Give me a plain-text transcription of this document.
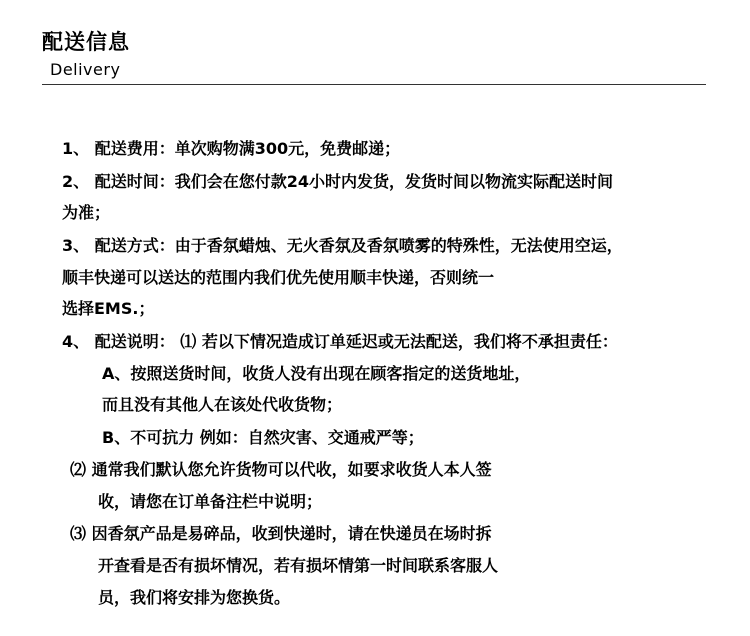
配送信息
Delivery
1、 配送费用：单次购物满300元，免费邮递；
2、 配送时间：我们会在您付款24小时内发货，发货时间以物流实际配送时间
为准；
3、 配送方式：由于香氛蜡烛、无火香氛及香氛喷雾的特殊性，无法使用空运，
顺丰快递可以送达的范围内我们优先使用顺丰快递，否则统一
选择EMS.；
4、 配送说明： ⑴ 若以下情况造成订单延迟或无法配送，我们将不承担责任：
A、按照送货时间，收货人没有出现在顾客指定的送货地址，
而且没有其他人在该处代收货物；
B、不可抗力 例如：自然灾害、交通戒严等；
⑵ 通常我们默认您允许货物可以代收，如要求收货人本人签
收，请您在订单备注栏中说明；
⑶ 因香氛产品是易碎品，收到快递时，请在快递员在场时拆
开查看是否有损坏情况，若有损坏情第一时间联系客服人
员，我们将安排为您换货。
